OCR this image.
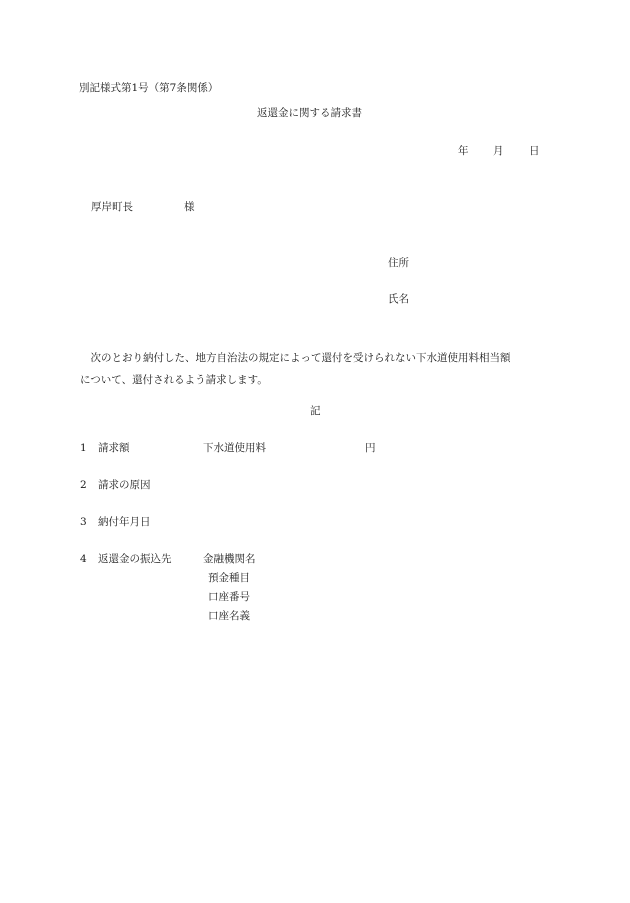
別記様式第1号（第7条関係）
返還金に関する請求書
年 月 日
厚岸町長	様
住所
氏名
　次のとおり納付した、地方自治法の規定によって還付を受けられない下水道使用料相当額
について、還付されるよう請求します。
記
1 請求額	下水道使用料	円
2 請求の原因
3 納付年月日
4 返還金の振込先	金融機関名
預金種目
口座番号
口座名義
